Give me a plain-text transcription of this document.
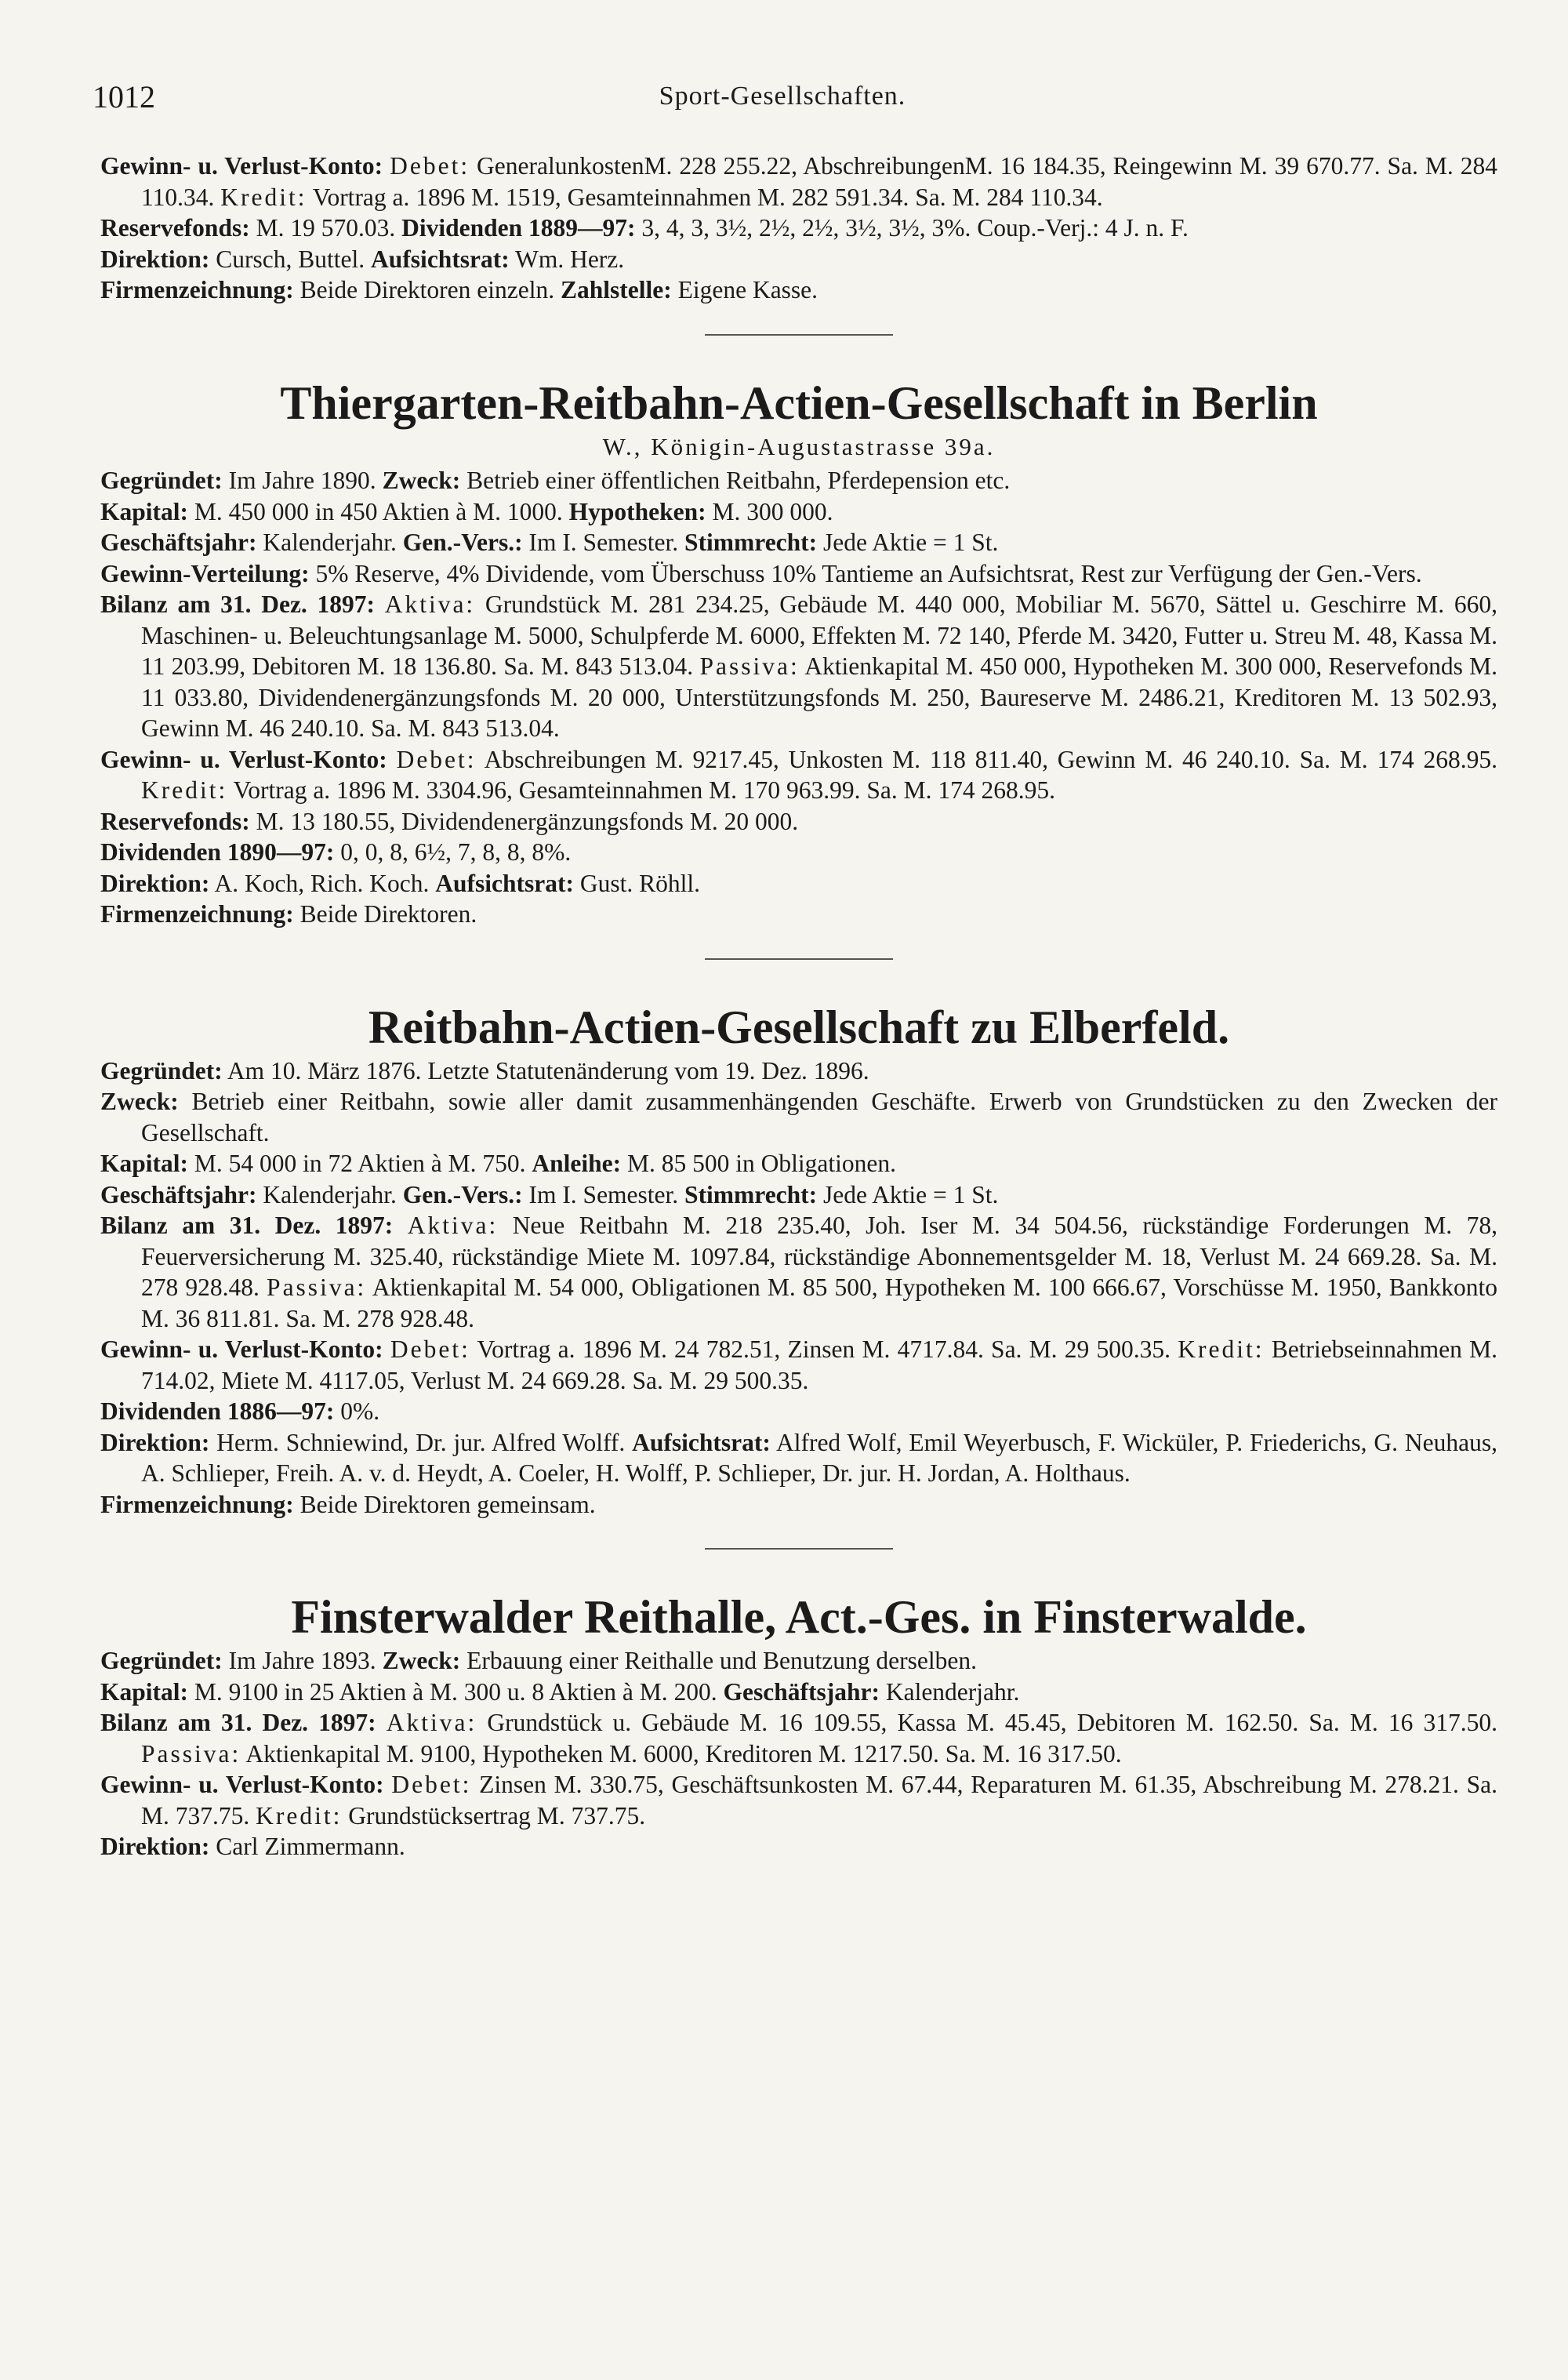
1012	Sport-Gesellschaften.

Gewinn- u. Verlust-Konto: Debet: GeneralunkostenM. 228 255.22, AbschreibungenM. 16 184.35, Reingewinn M. 39 670.77. Sa. M. 284 110.34. Kredit: Vortrag a. 1896 M. 1519, Gesamteinnahmen M. 282 591.34. Sa. M. 284 110.34.

Reservefonds: M. 19 570.03. Dividenden 1889—97: 3, 4, 3, 3½, 2½, 2½, 3½, 3½, 3%. Coup.-Verj.: 4 J. n. F.

Direktion: Cursch, Buttel. Aufsichtsrat: Wm. Herz.

Firmenzeichnung: Beide Direktoren einzeln. Zahlstelle: Eigene Kasse.

Thiergarten-Reitbahn-Actien-Gesellschaft in Berlin

W., Königin-Augustastrasse 39a.

Gegründet: Im Jahre 1890. Zweck: Betrieb einer öffentlichen Reitbahn, Pferdepension etc.

Kapital: M. 450 000 in 450 Aktien à M. 1000. Hypotheken: M. 300 000.

Geschäftsjahr: Kalenderjahr. Gen.-Vers.: Im I. Semester. Stimmrecht: Jede Aktie = 1 St.

Gewinn-Verteilung: 5% Reserve, 4% Dividende, vom Überschuss 10% Tantieme an Aufsichtsrat, Rest zur Verfügung der Gen.-Vers.

Bilanz am 31. Dez. 1897: Aktiva: Grundstück M. 281 234.25, Gebäude M. 440 000, Mobiliar M. 5670, Sättel u. Geschirre M. 660, Maschinen- u. Beleuchtungsanlage M. 5000, Schulpferde M. 6000, Effekten M. 72 140, Pferde M. 3420, Futter u. Streu M. 48, Kassa M. 11 203.99, Debitoren M. 18 136.80. Sa. M. 843 513.04. Passiva: Aktienkapital M. 450 000, Hypotheken M. 300 000, Reservefonds M. 11 033.80, Dividendenergänzungsfonds M. 20 000, Unterstützungsfonds M. 250, Baureserve M. 2486.21, Kreditoren M. 13 502.93, Gewinn M. 46 240.10. Sa. M. 843 513.04.

Gewinn- u. Verlust-Konto: Debet: Abschreibungen M. 9217.45, Unkosten M. 118 811.40, Gewinn M. 46 240.10. Sa. M. 174 268.95. Kredit: Vortrag a. 1896 M. 3304.96, Gesamteinnahmen M. 170 963.99. Sa. M. 174 268.95.

Reservefonds: M. 13 180.55, Dividendenergänzungsfonds M. 20 000.

Dividenden 1890—97: 0, 0, 8, 6½, 7, 8, 8, 8%.

Direktion: A. Koch, Rich. Koch. Aufsichtsrat: Gust. Röhll.

Firmenzeichnung: Beide Direktoren.

Reitbahn-Actien-Gesellschaft zu Elberfeld.

Gegründet: Am 10. März 1876. Letzte Statutenänderung vom 19. Dez. 1896.

Zweck: Betrieb einer Reitbahn, sowie aller damit zusammenhängenden Geschäfte. Erwerb von Grundstücken zu den Zwecken der Gesellschaft.

Kapital: M. 54 000 in 72 Aktien à M. 750. Anleihe: M. 85 500 in Obligationen.

Geschäftsjahr: Kalenderjahr. Gen.-Vers.: Im I. Semester. Stimmrecht: Jede Aktie = 1 St.

Bilanz am 31. Dez. 1897: Aktiva: Neue Reitbahn M. 218 235.40, Joh. Iser M. 34 504.56, rückständige Forderungen M. 78, Feuerversicherung M. 325.40, rückständige Miete M. 1097.84, rückständige Abonnementsgelder M. 18, Verlust M. 24 669.28. Sa. M. 278 928.48. Passiva: Aktienkapital M. 54 000, Obligationen M. 85 500, Hypotheken M. 100 666.67, Vorschüsse M. 1950, Bankkonto M. 36 811.81. Sa. M. 278 928.48.

Gewinn- u. Verlust-Konto: Debet: Vortrag a. 1896 M. 24 782.51, Zinsen M. 4717.84. Sa. M. 29 500.35. Kredit: Betriebseinnahmen M. 714.02, Miete M. 4117.05, Verlust M. 24 669.28. Sa. M. 29 500.35.

Dividenden 1886—97: 0%.

Direktion: Herm. Schniewind, Dr. jur. Alfred Wolff. Aufsichtsrat: Alfred Wolf, Emil Weyerbusch, F. Wicküler, P. Friederichs, G. Neuhaus, A. Schlieper, Freih. A. v. d. Heydt, A. Coeler, H. Wolff, P. Schlieper, Dr. jur. H. Jordan, A. Holthaus.

Firmenzeichnung: Beide Direktoren gemeinsam.

Finsterwalder Reithalle, Act.-Ges. in Finsterwalde.

Gegründet: Im Jahre 1893. Zweck: Erbauung einer Reithalle und Benutzung derselben.

Kapital: M. 9100 in 25 Aktien à M. 300 u. 8 Aktien à M. 200. Geschäftsjahr: Kalenderjahr.

Bilanz am 31. Dez. 1897: Aktiva: Grundstück u. Gebäude M. 16 109.55, Kassa M. 45.45, Debitoren M. 162.50. Sa. M. 16 317.50. Passiva: Aktienkapital M. 9100, Hypotheken M. 6000, Kreditoren M. 1217.50. Sa. M. 16 317.50.

Gewinn- u. Verlust-Konto: Debet: Zinsen M. 330.75, Geschäftsunkosten M. 67.44, Reparaturen M. 61.35, Abschreibung M. 278.21. Sa. M. 737.75. Kredit: Grundstücksertrag M. 737.75.

Direktion: Carl Zimmermann.
